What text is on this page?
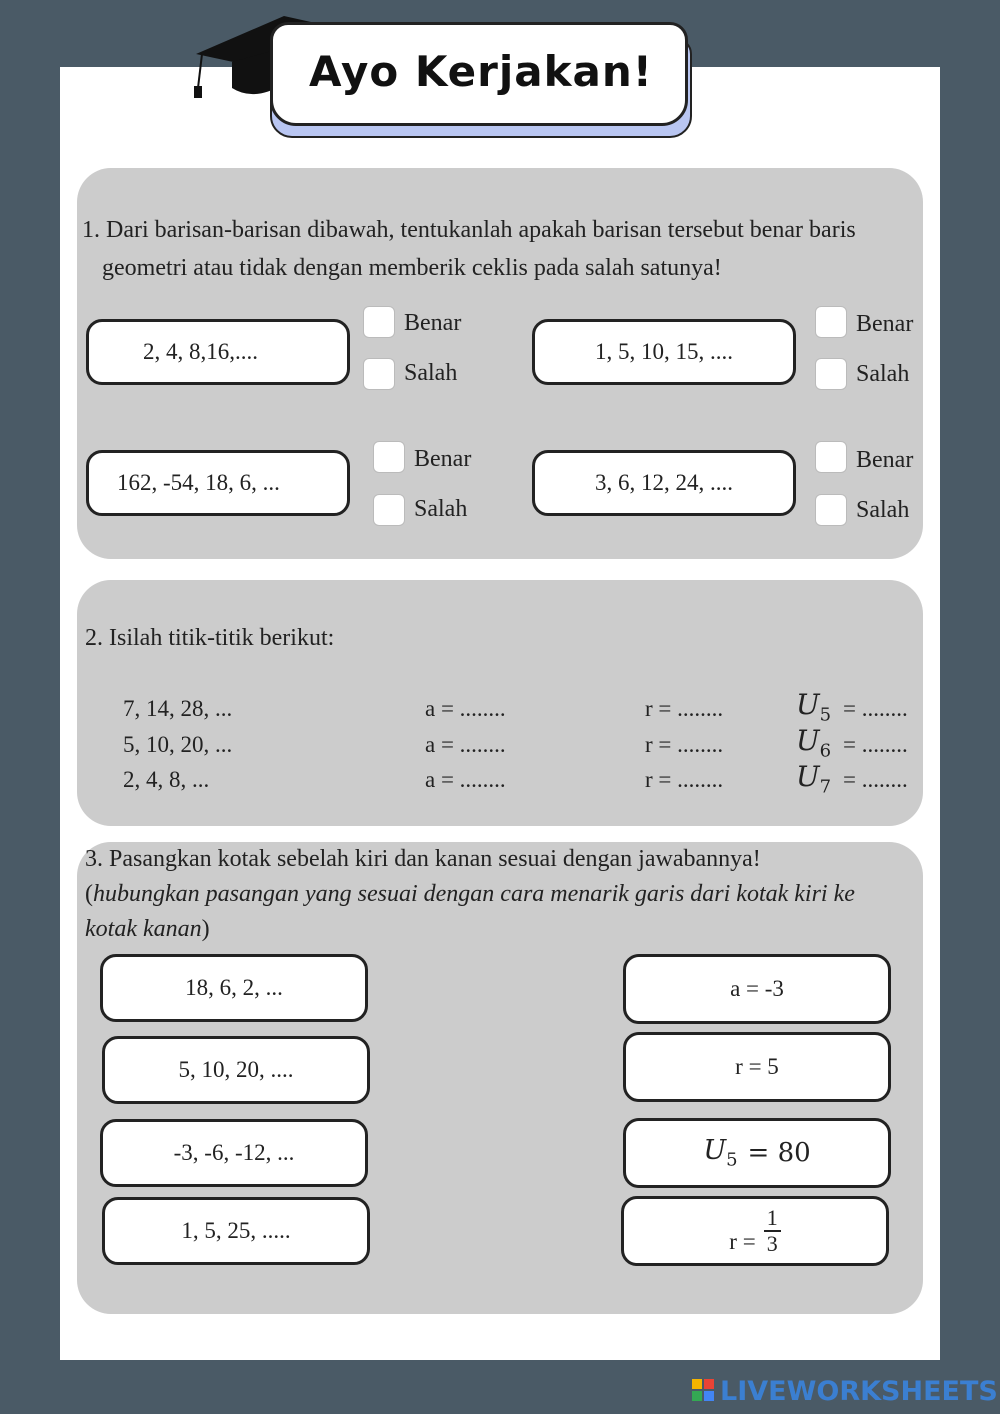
Ayo Kerjakan!
1. Dari barisan-barisan dibawah, tentukanlah apakah barisan tersebut benar baris
geometri atau tidak dengan memberik ceklis pada salah satunya!
2, 4, 8,16,....
Benar
Salah
1, 5, 10, 15, ....
Benar
Salah
162, -54, 18, 6, ...
Benar
Salah
3, 6, 12, 24, ....
Benar
Salah
2. Isilah titik-titik berikut:
7, 14, 28, ...	a = ........	r = ........	$U_5$ = ........
5, 10, 20, ...	a = ........	r = ........	$U_6$ = ........
2, 4, 8, ...	a = ........	r = ........	$U_7$ = ........
3. Pasangkan kotak sebelah kiri dan kanan sesuai dengan jawabannya!
(hubungkan pasangan yang sesuai dengan cara menarik garis dari kotak kiri ke
kotak kanan)
18, 6, 2, ...
5, 10, 20, ....
-3, -6, -12, ...
1, 5, 25, .....
a = -3
r = 5
$U_5 = 80$
$r = \frac{1}{3}$
LIVEWORKSHEETS
